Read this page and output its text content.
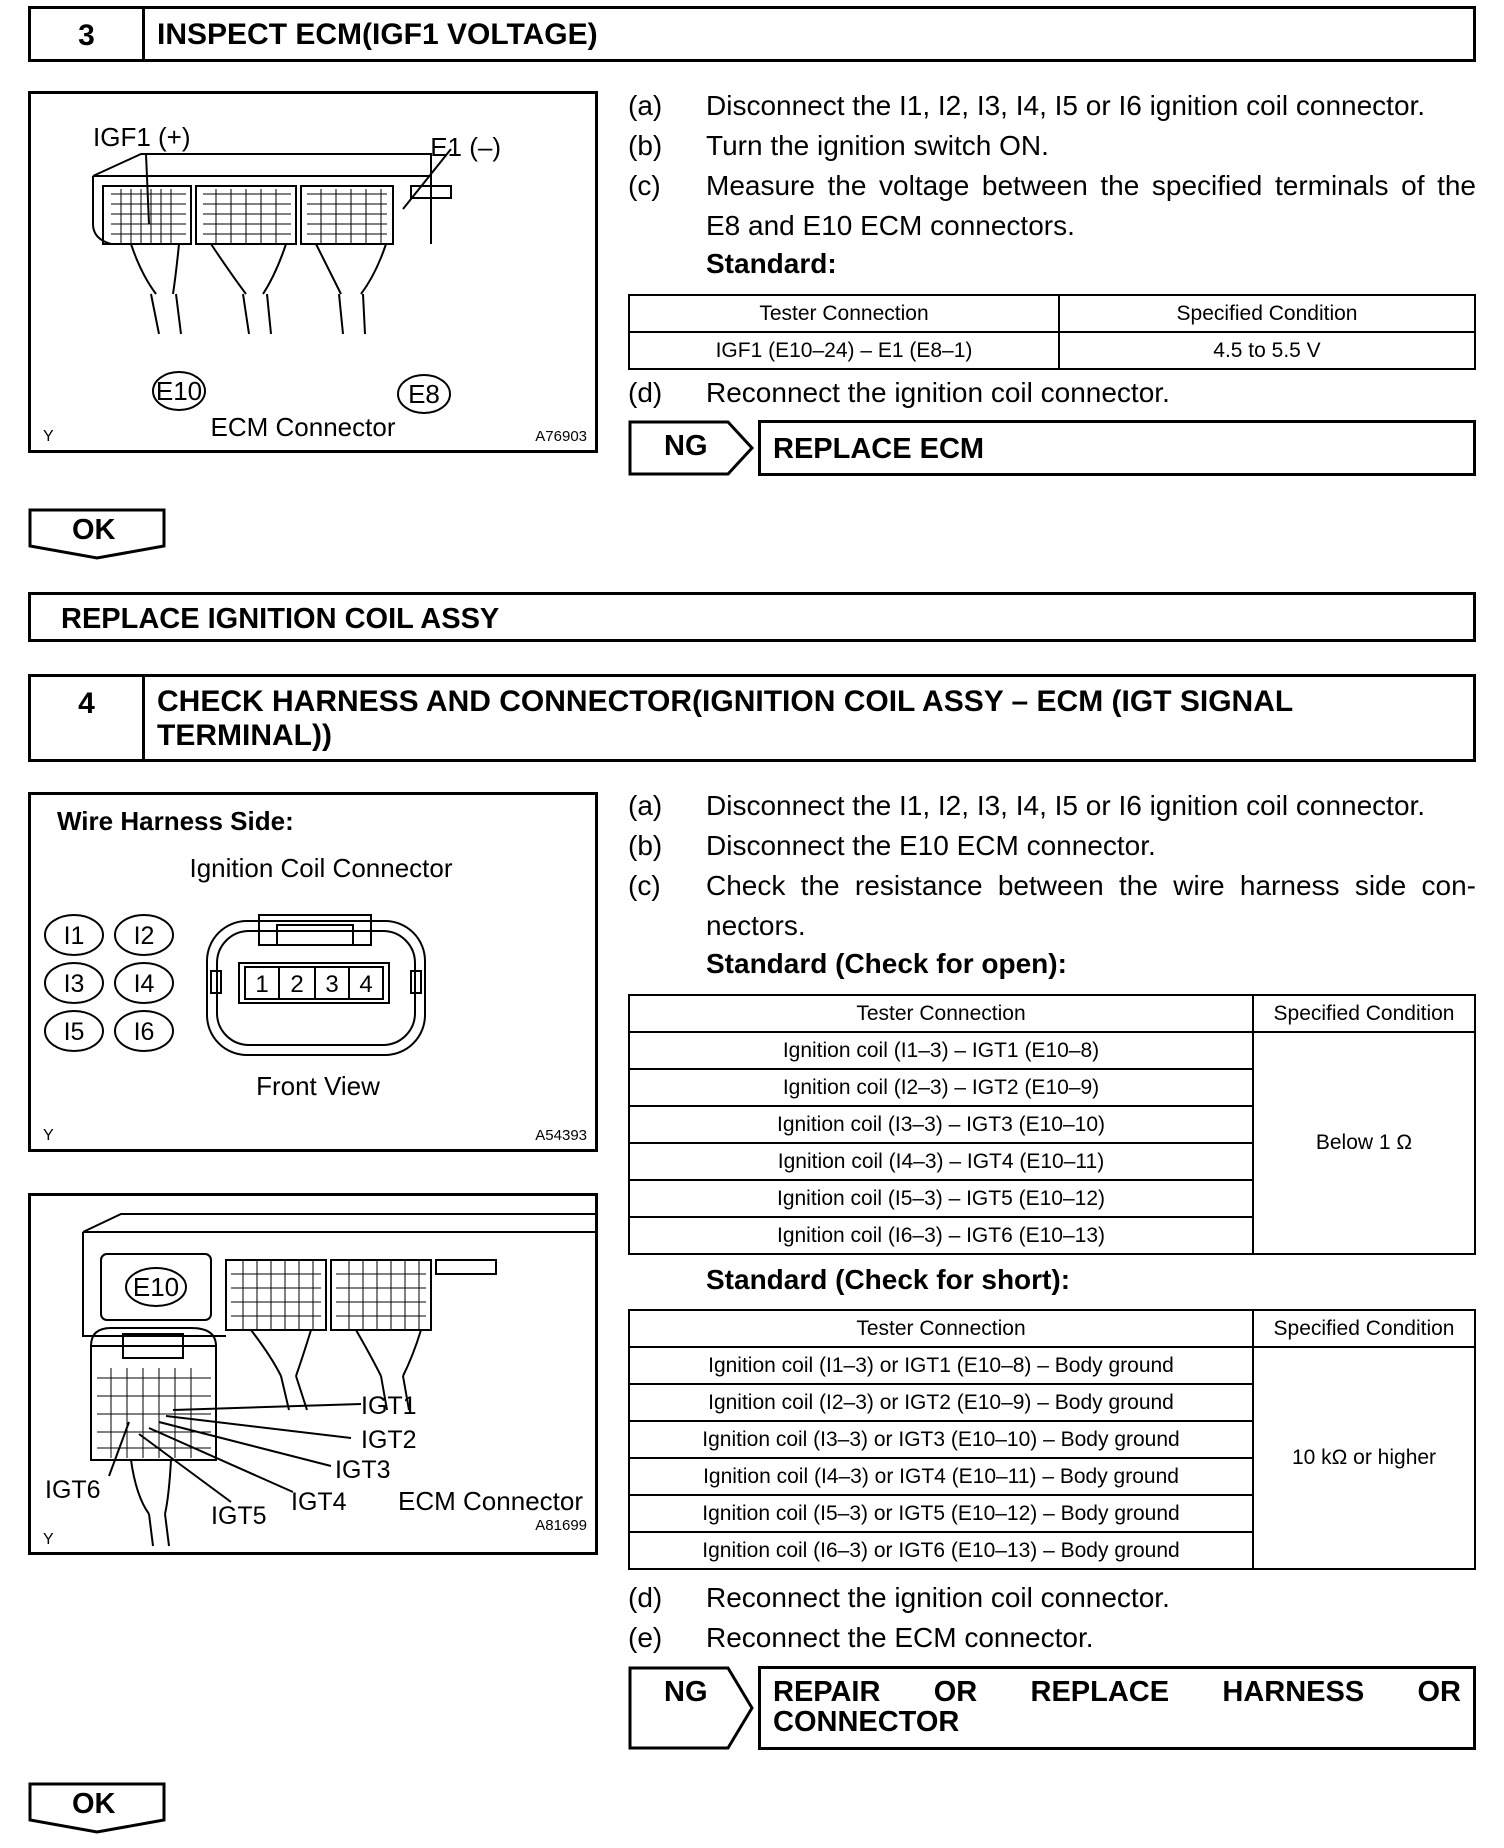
3	INSPECT ECM(IGF1 VOLTAGE)
IGF1 (+)	E1 (–)
E10	E8
ECM Connector
Y	A76903
(a)	Disconnect the I1, I2, I3, I4, I5 or I6 ignition coil connector.
(b)	Turn the ignition switch ON.
(c)	Measure the voltage between the specified terminals of the E8 and E10 ECM connectors.
Standard:
Tester Connection	Specified Condition
IGF1 (E10–24) – E1 (E8–1)	4.5 to 5.5 V
(d)	Reconnect the ignition coil connector.
NG REPLACE ECM
OK
REPLACE IGNITION COIL ASSY
4	CHECK HARNESS AND CONNECTOR(IGNITION COIL ASSY – ECM (IGT SIGNAL TERMINAL))
Wire Harness Side:
Ignition Coil Connector
I1 I2
I3 I4
I5 I6
1 2 3 4
Front View
Y	A54393
E10
IGT1
IGT2
IGT3
IGT4
IGT5
IGT6	ECM Connector
Y
A81699
(a)	Disconnect the I1, I2, I3, I4, I5 or I6 ignition coil connector.
(b)	Disconnect the E10 ECM connector.
(c)	Check the resistance between the wire harness side con- nectors.
Standard (Check for open):
Tester Connection	Specified Condition
Ignition coil (I1–3) – IGT1 (E10–8)	Below 1 Ω
Ignition coil (I2–3) – IGT2 (E10–9)	
Ignition coil (I3–3) – IGT3 (E10–10)	
Ignition coil (I4–3) – IGT4 (E10–11)	
Ignition coil (I5–3) – IGT5 (E10–12)	
Ignition coil (I6–3) – IGT6 (E10–13)	
Standard (Check for short):
Tester Connection	Specified Condition
Ignition coil (I1–3) or IGT1 (E10–8) – Body ground	10 kΩ or higher
Ignition coil (I2–3) or IGT2 (E10–9) – Body ground	
Ignition coil (I3–3) or IGT3 (E10–10) – Body ground	
Ignition coil (I4–3) or IGT4 (E10–11) – Body ground	
Ignition coil (I5–3) or IGT5 (E10–12) – Body ground	
Ignition coil (I6–3) or IGT6 (E10–13) – Body ground	
(d)	Reconnect the ignition coil connector.
(e)	Reconnect the ECM connector.
NG REPAIR OR REPLACE HARNESS OR CONNECTOR
OK
